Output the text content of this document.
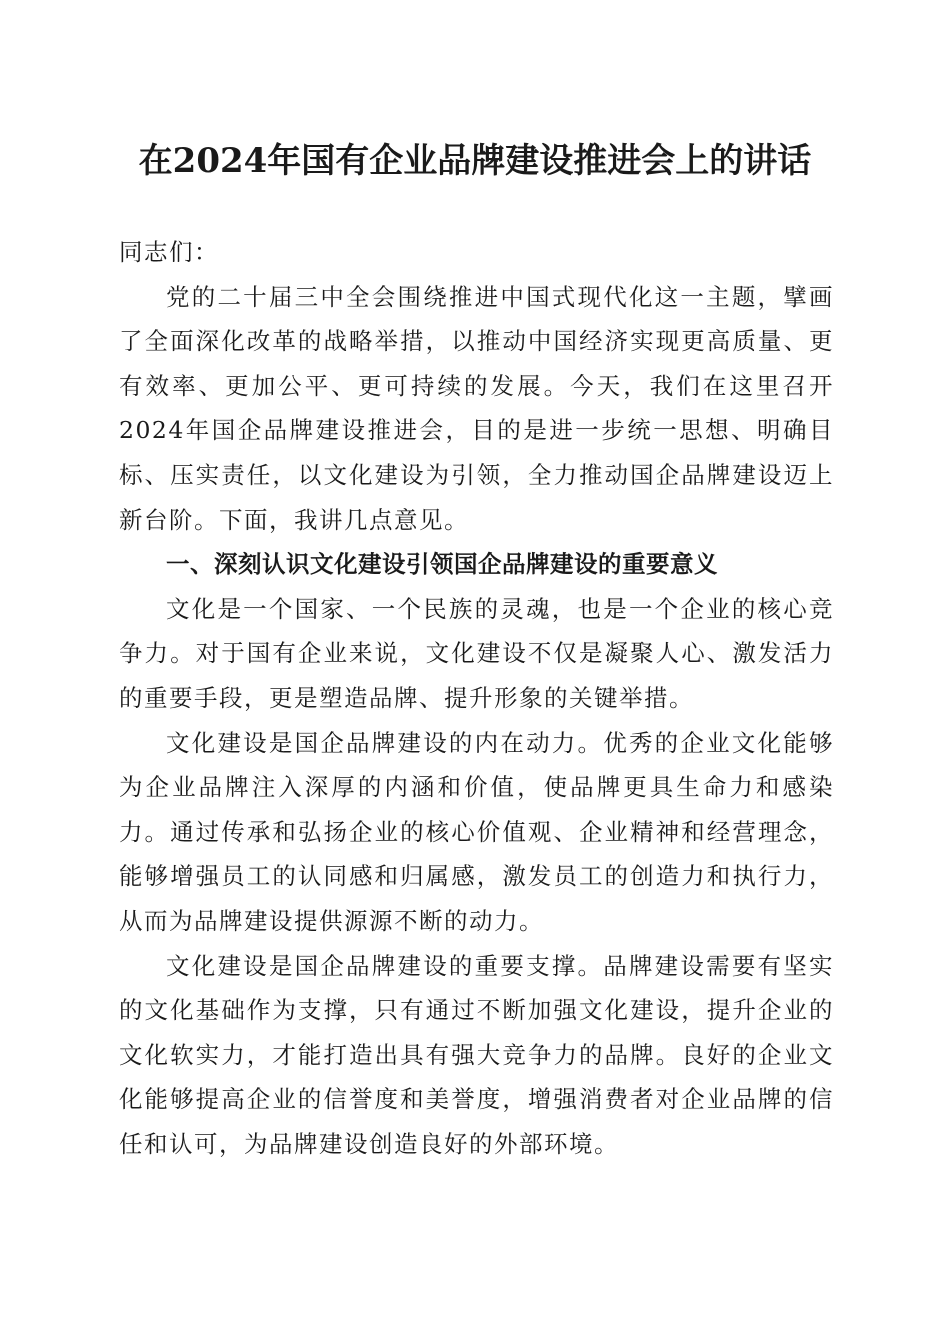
在2024年国有企业品牌建设推进会上的讲话

同志们：

党的二十届三中全会围绕推进中国式现代化这一主题，擘画了全面深化改革的战略举措，以推动中国经济实现更高质量、更有效率、更加公平、更可持续的发展。今天，我们在这里召开2024年国企品牌建设推进会，目的是进一步统一思想、明确目标、压实责任，以文化建设为引领，全力推动国企品牌建设迈上新台阶。下面，我讲几点意见。

一、深刻认识文化建设引领国企品牌建设的重要意义

文化是一个国家、一个民族的灵魂，也是一个企业的核心竞争力。对于国有企业来说，文化建设不仅是凝聚人心、激发活力的重要手段，更是塑造品牌、提升形象的关键举措。

文化建设是国企品牌建设的内在动力。优秀的企业文化能够为企业品牌注入深厚的内涵和价值，使品牌更具生命力和感染力。通过传承和弘扬企业的核心价值观、企业精神和经营理念，能够增强员工的认同感和归属感，激发员工的创造力和执行力，从而为品牌建设提供源源不断的动力。

文化建设是国企品牌建设的重要支撑。品牌建设需要有坚实的文化基础作为支撑，只有通过不断加强文化建设，提升企业的文化软实力，才能打造出具有强大竞争力的品牌。良好的企业文化能够提高企业的信誉度和美誉度，增强消费者对企业品牌的信任和认可，为品牌建设创造良好的外部环境。
